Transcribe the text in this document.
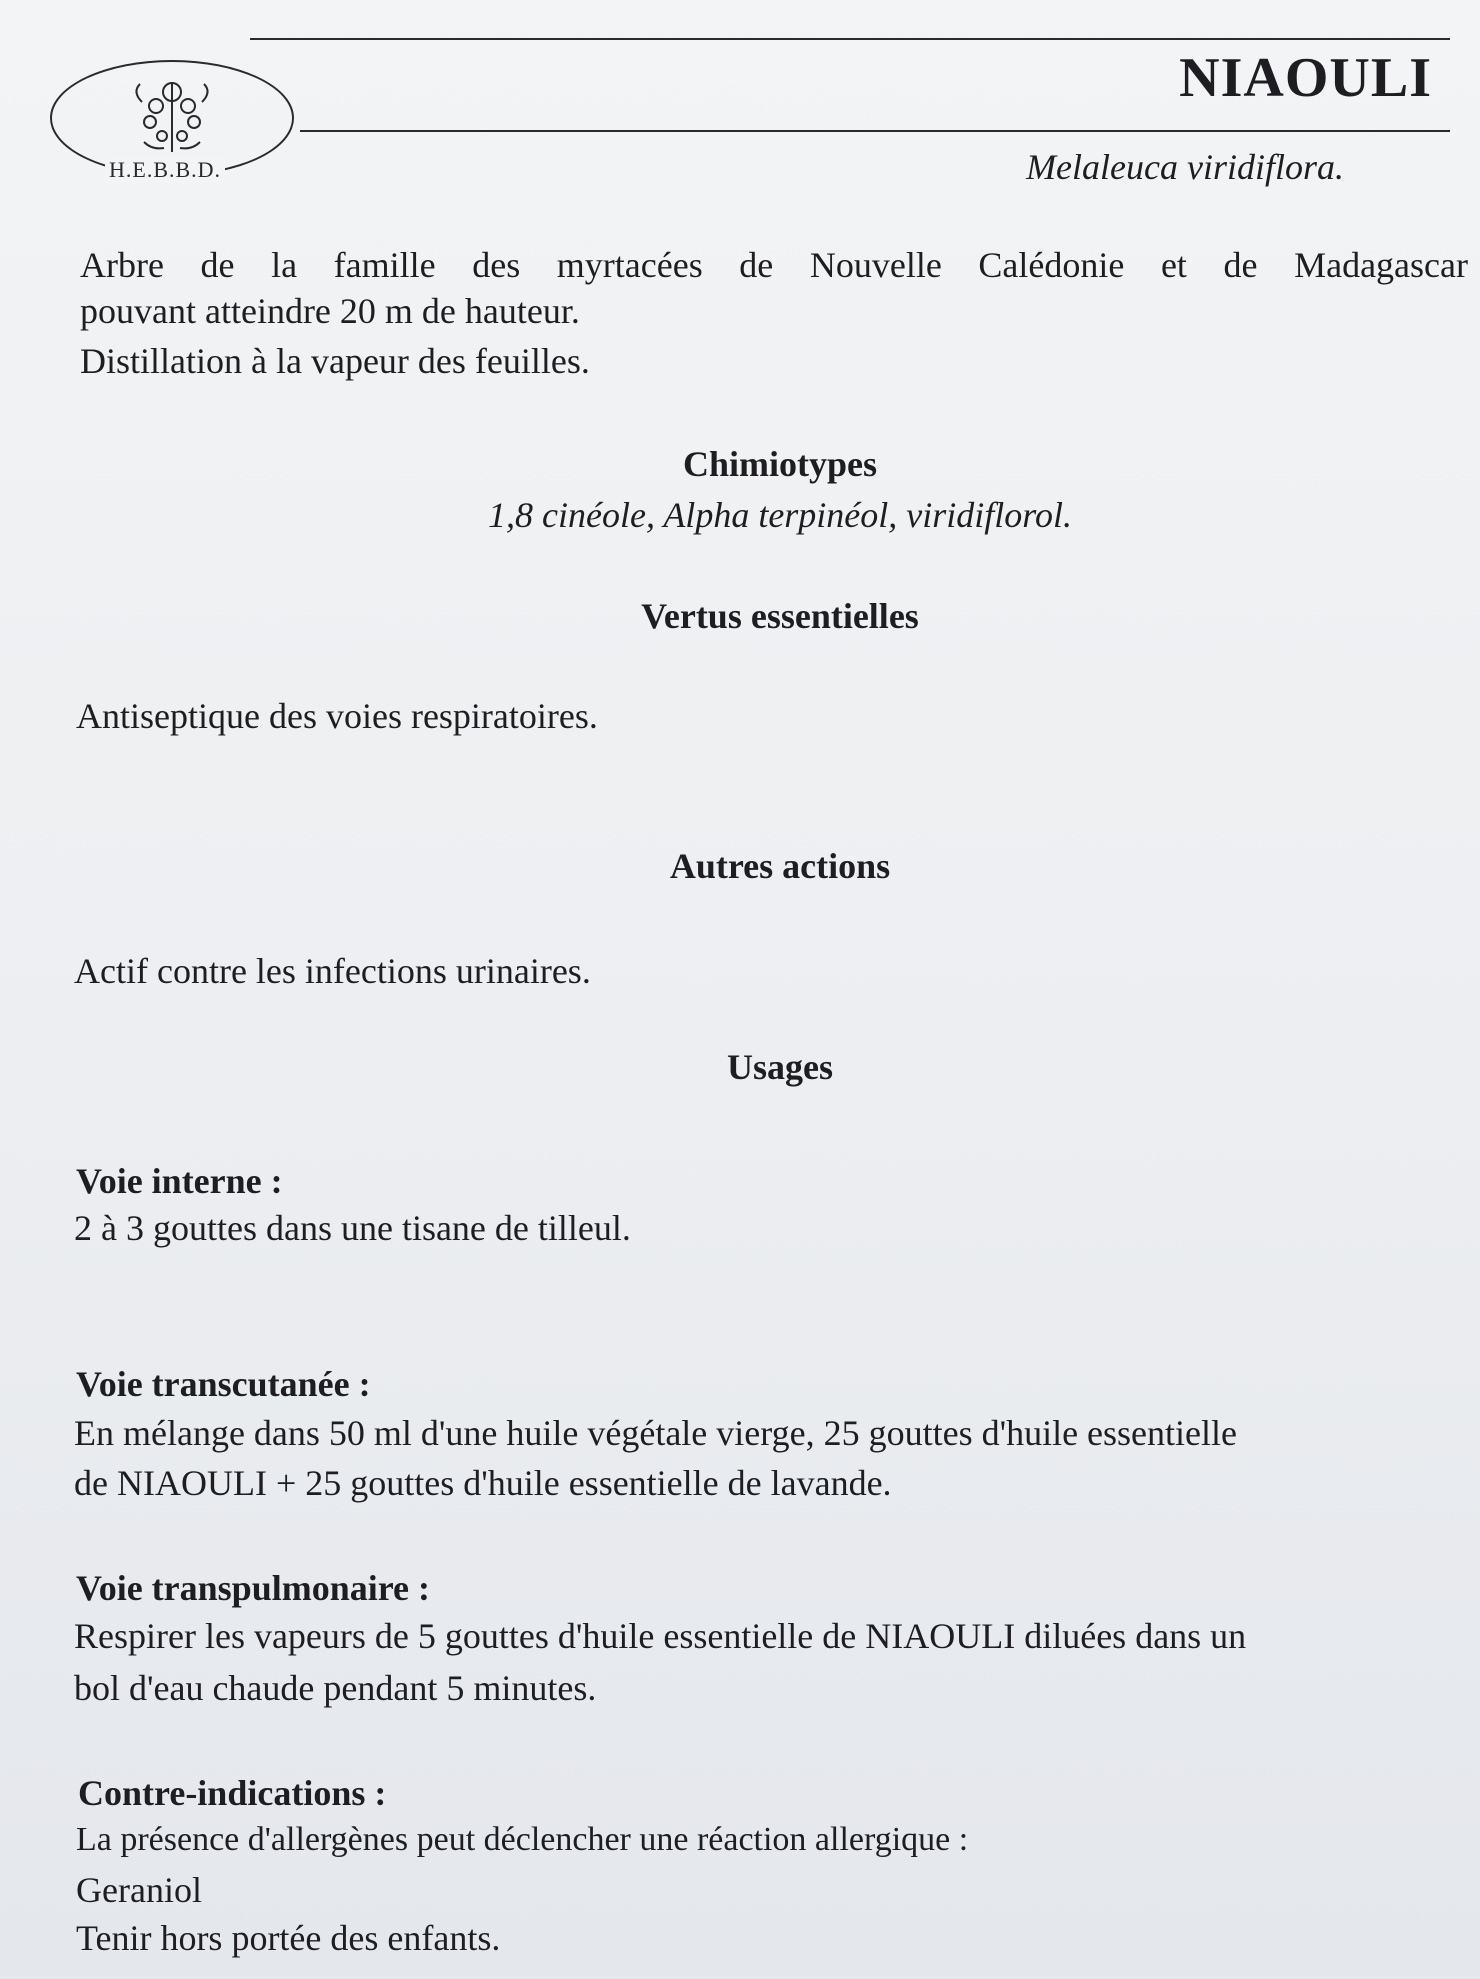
H.E.B.B.D.
NIAOULI
Melaleuca viridiflora.
Arbre de la famille des myrtacées de Nouvelle Calédonie et de Madagascar
pouvant atteindre 20 m de hauteur.
Distillation à la vapeur des feuilles.
Chimiotypes
1,8 cinéole, Alpha terpinéol, viridiflorol.
Vertus essentielles
Antiseptique des voies respiratoires.
Autres actions
Actif contre les infections urinaires.
Usages
Voie interne :
2 à 3 gouttes dans une tisane de tilleul.
Voie transcutanée :
En mélange dans 50 ml d'une huile végétale vierge, 25 gouttes d'huile essentielle
de NIAOULI + 25 gouttes d'huile essentielle de lavande.
Voie transpulmonaire :
Respirer les vapeurs de 5 gouttes d'huile essentielle de NIAOULI diluées dans un
bol d'eau chaude pendant 5 minutes.
Contre-indications :
La présence d'allergènes peut déclencher une réaction allergique :
Geraniol
Tenir hors portée des enfants.
